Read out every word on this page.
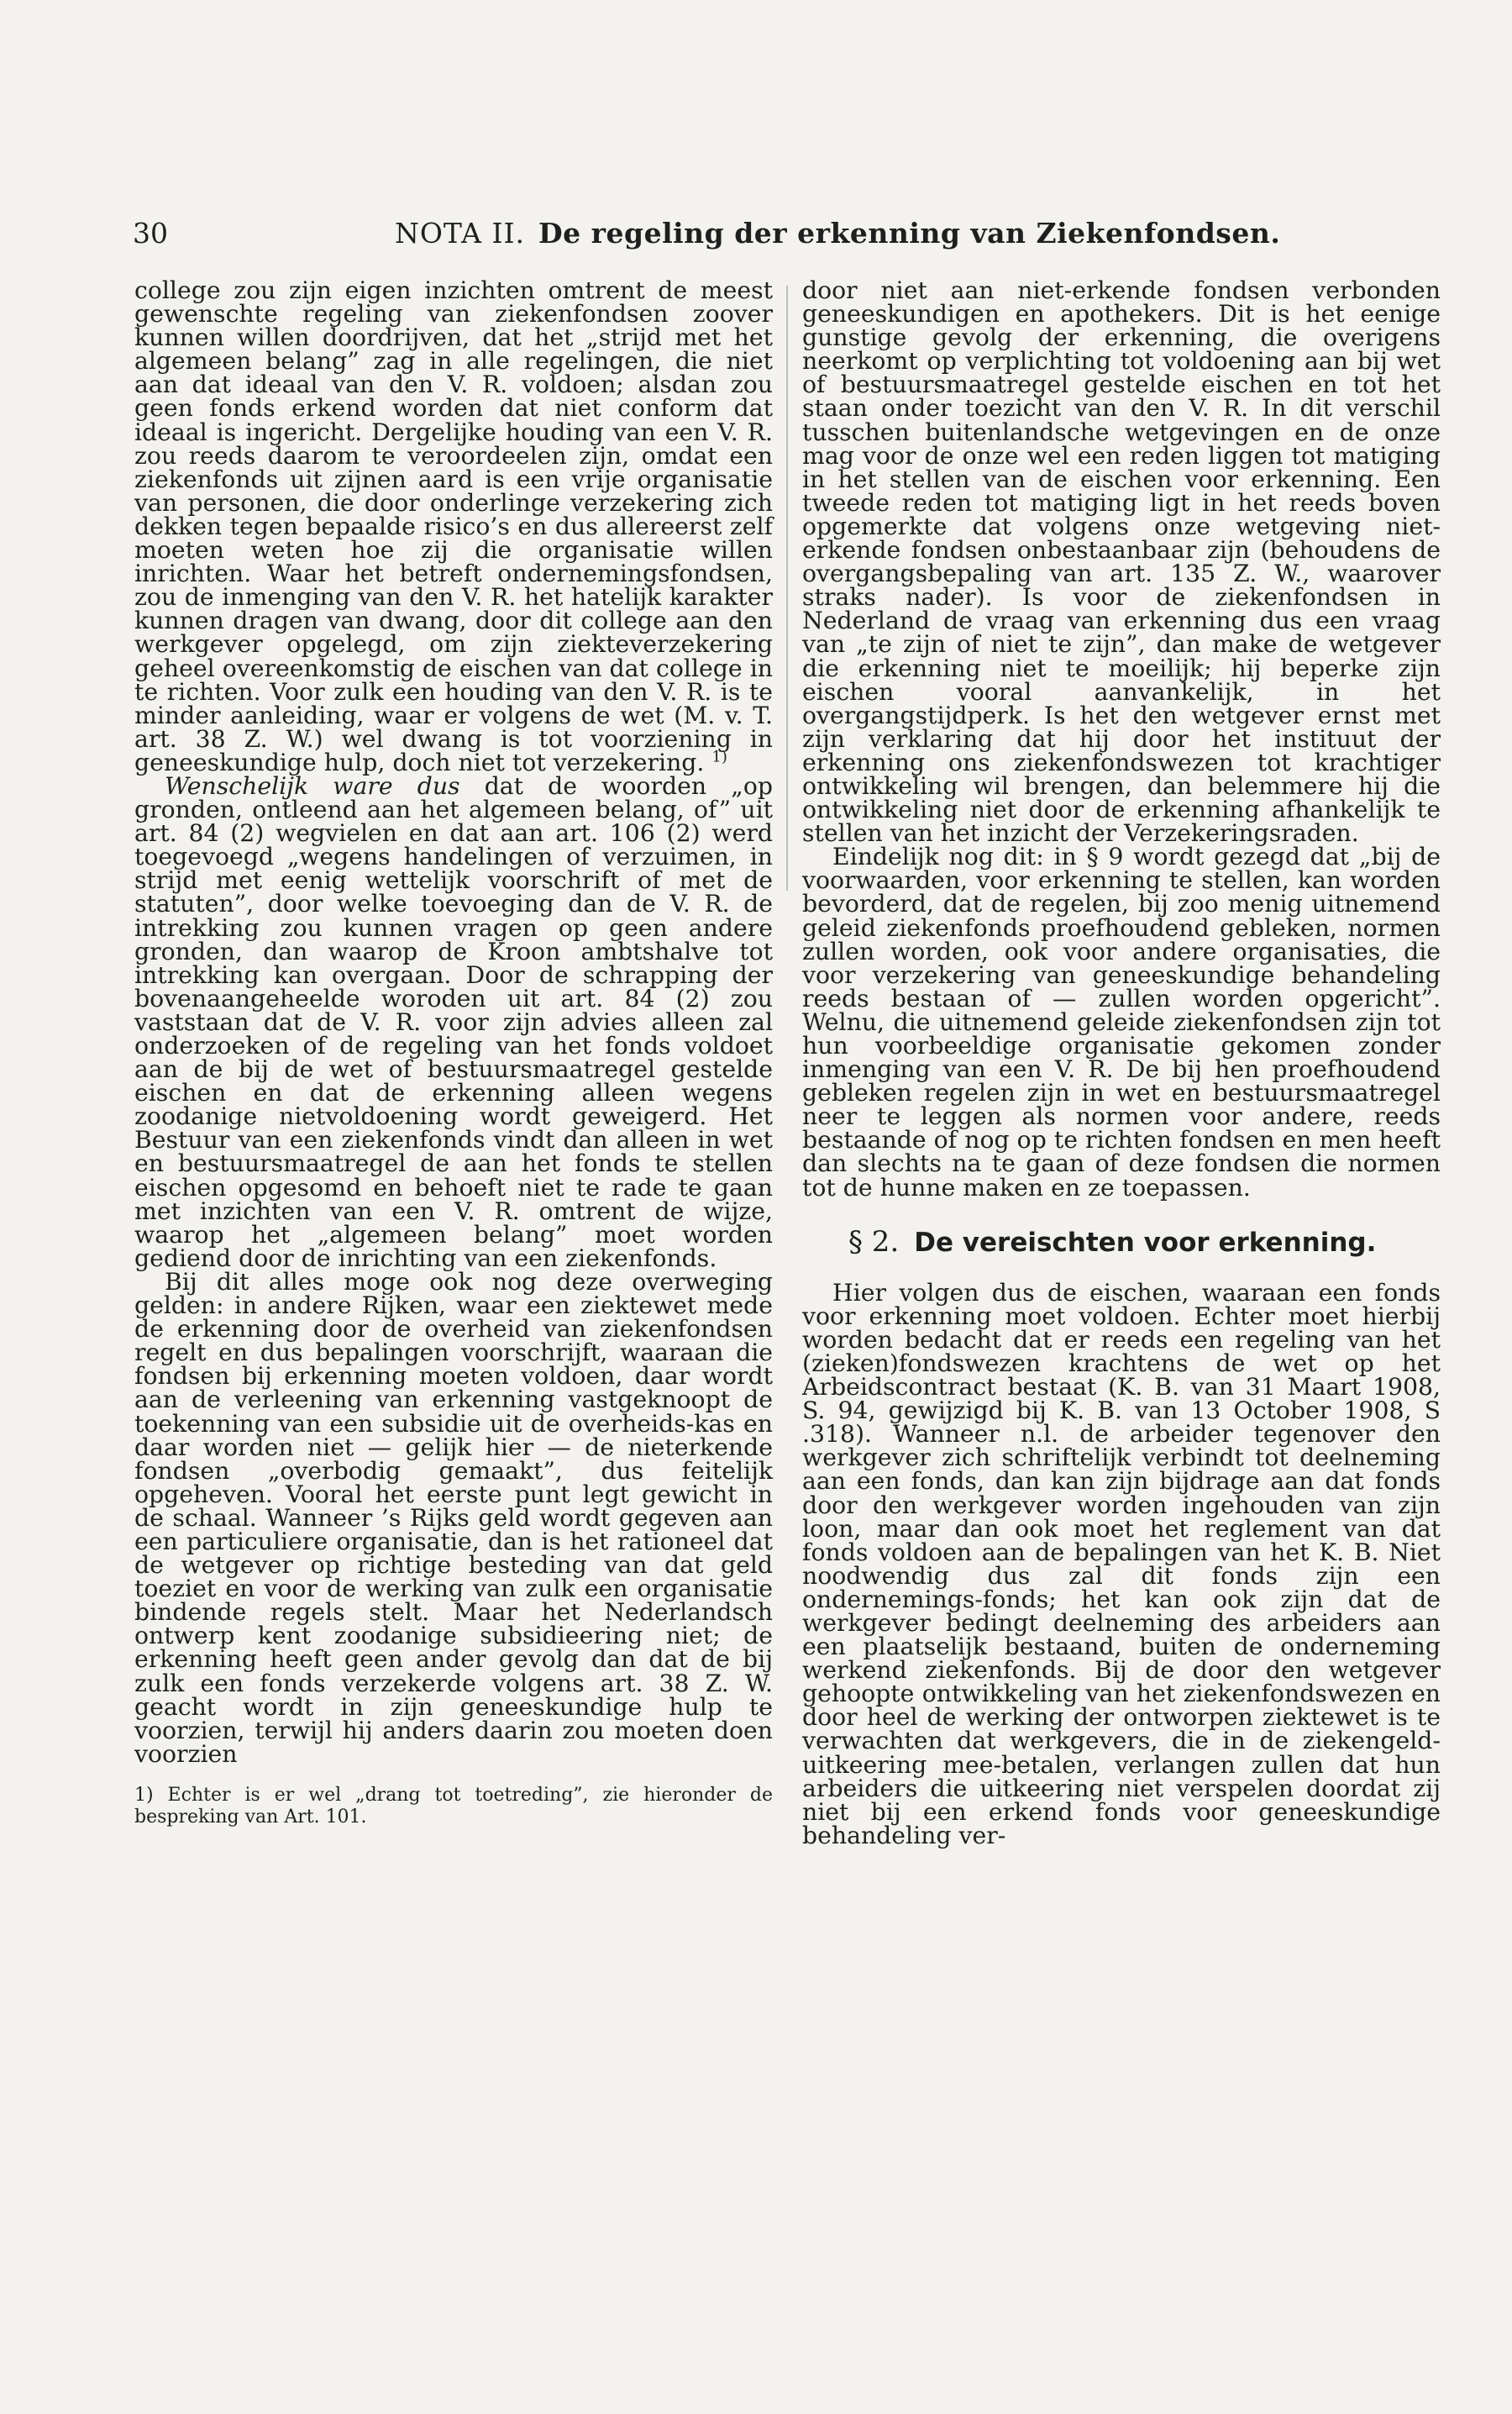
30	NOTA II. De regeling der erkenning van Ziekenfondsen.

college zou zijn eigen inzichten omtrent de meest gewenschte regeling van ziekenfondsen zoover kunnen willen doordrijven, dat het „strijd met het algemeen belang” zag in alle regelingen, die niet aan dat ideaal van den V. R. voldoen; alsdan zou geen fonds erkend worden dat niet conform dat ideaal is ingericht. Dergelijke houding van een V. R. zou reeds daarom te veroordeelen zijn, omdat een ziekenfonds uit zijnen aard is een vrije organisatie van personen, die door onderlinge verzekering zich dekken tegen bepaalde risico’s en dus allereerst zelf moeten weten hoe zij die organisatie willen inrichten. Waar het betreft ondernemingsfondsen, zou de inmenging van den V. R. het hatelijk karakter kunnen dragen van dwang, door dit college aan den werkgever opgelegd, om zijn ziekteverzekering geheel overeenkomstig de eischen van dat college in te richten. Voor zulk een houding van den V. R. is te minder aanleiding, waar er volgens de wet (M. v. T. art. 38 Z. W.) wel dwang is tot voorziening in geneeskundige hulp, doch niet tot verzekering. $^{1)}$

Wenschelijk ware dus dat de woorden „op gronden, ontleend aan het algemeen belang, of” uit art. 84 (2) wegvielen en dat aan art. 106 (2) werd toegevoegd „wegens handelingen of verzuimen, in strijd met eenig wettelijk voorschrift of met de statuten”, door welke toevoeging dan de V. R. de intrekking zou kunnen vragen op geen andere gronden, dan waarop de Kroon ambtshalve tot intrekking kan overgaan. Door de schrapping der bovenaangeheelde woroden uit art. 84 (2) zou vaststaan dat de V. R. voor zijn advies alleen zal onderzoeken of de regeling van het fonds voldoet aan de bij de wet of bestuursmaatregel gestelde eischen en dat de erkenning alleen wegens zoodanige nietvoldoening wordt geweigerd. Het Bestuur van een ziekenfonds vindt dan alleen in wet en bestuursmaatregel de aan het fonds te stellen eischen opgesomd en behoeft niet te rade te gaan met inzichten van een V. R. omtrent de wijze, waarop het „algemeen belang” moet worden gediend door de inrichting van een ziekenfonds.

Bij dit alles moge ook nog deze overweging gelden: in andere Rijken, waar een ziektewet mede de erkenning door de overheid van ziekenfondsen regelt en dus bepalingen voorschrijft, waaraan die fondsen bij erkenning moeten voldoen, daar wordt aan de verleening van erkenning vastgeknoopt de toekenning van een subsidie uit de overheids-kas en daar worden niet — gelijk hier — de nieterkende fondsen „overbodig gemaakt”, dus feitelijk opgeheven. Vooral het eerste punt legt gewicht in de schaal. Wanneer ’s Rijks geld wordt gegeven aan een particuliere organisatie, dan is het rationeel dat de wetgever op richtige besteding van dat geld toeziet en voor de werking van zulk een organisatie bindende regels stelt. Maar het Nederlandsch ontwerp kent zoodanige subsidieering niet; de erkenning heeft geen ander gevolg dan dat de bij zulk een fonds verzekerde volgens art. 38 Z. W. geacht wordt in zijn geneeskundige hulp te voorzien, terwijl hij anders daarin zou moeten doen voorzien

1) Echter is er wel „drang tot toetreding”, zie hieronder de bespreking van Art. 101.

door niet aan niet-erkende fondsen verbonden geneeskundigen en apothekers. Dit is het eenige gunstige gevolg der erkenning, die overigens neerkomt op verplichting tot voldoening aan bij wet of bestuursmaatregel gestelde eischen en tot het staan onder toezicht van den V. R. In dit verschil tusschen buitenlandsche wetgevingen en de onze mag voor de onze wel een reden liggen tot matiging in het stellen van de eischen voor erkenning. Een tweede reden tot matiging ligt in het reeds boven opgemerkte dat volgens onze wetgeving niet-erkende fondsen onbestaanbaar zijn (behoudens de overgangsbepaling van art. 135 Z. W., waarover straks nader). Is voor de ziekenfondsen in Nederland de vraag van erkenning dus een vraag van „te zijn of niet te zijn”, dan make de wetgever die erkenning niet te moeilijk; hij beperke zijn eischen vooral aanvankelijk, in het overgangstijdperk. Is het den wetgever ernst met zijn verklaring dat hij door het instituut der erkenning ons ziekenfondswezen tot krachtiger ontwikkeling wil brengen, dan belemmere hij die ontwikkeling niet door de erkenning afhankelijk te stellen van het inzicht der Verzekeringsraden.

Eindelijk nog dit: in § 9 wordt gezegd dat „bij de voorwaarden, voor erkenning te stellen, kan worden bevorderd, dat de regelen, bij zoo menig uitnemend geleid ziekenfonds proefhoudend gebleken, normen zullen worden, ook voor andere organisaties, die voor verzekering van geneeskundige behandeling reeds bestaan of — zullen worden opgericht”. Welnu, die uitnemend geleide ziekenfondsen zijn tot hun voorbeeldige organisatie gekomen zonder inmenging van een V. R. De bij hen proefhoudend gebleken regelen zijn in wet en bestuursmaatregel neer te leggen als normen voor andere, reeds bestaande of nog op te richten fondsen en men heeft dan slechts na te gaan of deze fondsen die normen tot de hunne maken en ze toepassen.

§ 2. De vereischten voor erkenning.

Hier volgen dus de eischen, waaraan een fonds voor erkenning moet voldoen. Echter moet hierbij worden bedacht dat er reeds een regeling van het (zieken)fondswezen krachtens de wet op het Arbeidscontract bestaat (K. B. van 31 Maart 1908, S. 94, gewijzigd bij K. B. van 13 October 1908, S .318). Wanneer n.l. de arbeider tegenover den werkgever zich schriftelijk verbindt tot deelneming aan een fonds, dan kan zijn bijdrage aan dat fonds door den werkgever worden ingehouden van zijn loon, maar dan ook moet het reglement van dat fonds voldoen aan de bepalingen van het K. B. Niet noodwendig dus zal dit fonds zijn een ondernemings-fonds; het kan ook zijn dat de werkgever bedingt deelneming des arbeiders aan een plaatselijk bestaand, buiten de onderneming werkend ziekenfonds. Bij de door den wetgever gehoopte ontwikkeling van het ziekenfondswezen en door heel de werking der ontworpen ziektewet is te verwachten dat werkgevers, die in de ziekengeld-uitkeering mee-betalen, verlangen zullen dat hun arbeiders die uitkeering niet verspelen doordat zij niet bij een erkend fonds voor geneeskundige behandeling ver-
